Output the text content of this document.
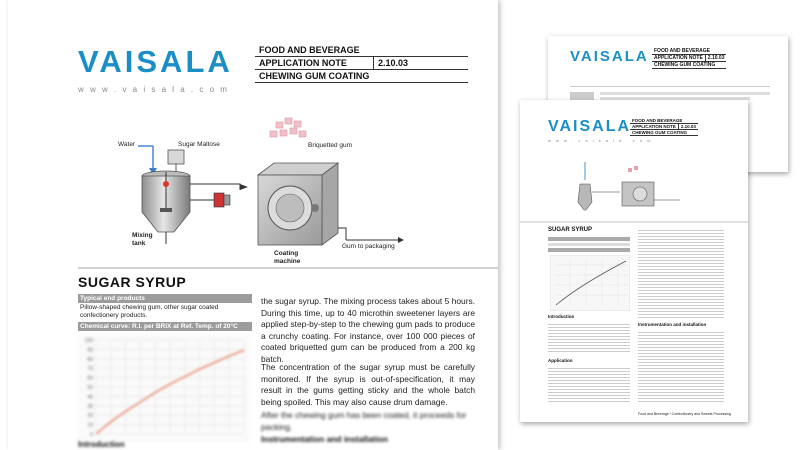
VAISALA FOOD AND BEVERAGE
APPLICATION NOTE	2.10.03
CHEWING GUM COATING
VAISALA
w w w . v a i s a l a . c o m
FOOD AND BEVERAGE
APPLICATION NOTE	2.10.03
CHEWING GUM COATING
SUGAR SYRUP
Introduction
Application
Instrumentation and installation
Food and Beverage / Confectionery and Sweets Processing
VAISALA
w w w . v a i s a l a . c o m
FOOD AND BEVERAGE
APPLICATION NOTE	2.10.03
CHEWING GUM COATING
Water	Sugar Maltose	Briquetted gum
Mixing
tank
Coating
machine
Gum to packaging
SUGAR SYRUP
Typical end products
Pillow-shaped chewing gum, other sugar coated confectionery products.
Chemical curve: R.I. per BRIX at Ref. Temp. of 20°C
100
90
80
70
60
50
40
30
20
10
0
Introduction
the sugar syrup. The mixing process takes about 5 hours. During this time, up to 40 microthin sweetener layers are applied step-by-step to the chewing gum pads to produce a crunchy coating. For instance, over 100 000 pieces of coated briquetted gum can be produced from a 200 kg batch.
The concentration of the sugar syrup must be carefully monitored. If the syrup is out-of-specification, it may result in the gums getting sticky and the whole batch being spoiled. This may also cause drum damage.
After the chewing gum has been coated, it proceeds for packing.
Instrumentation and installation
